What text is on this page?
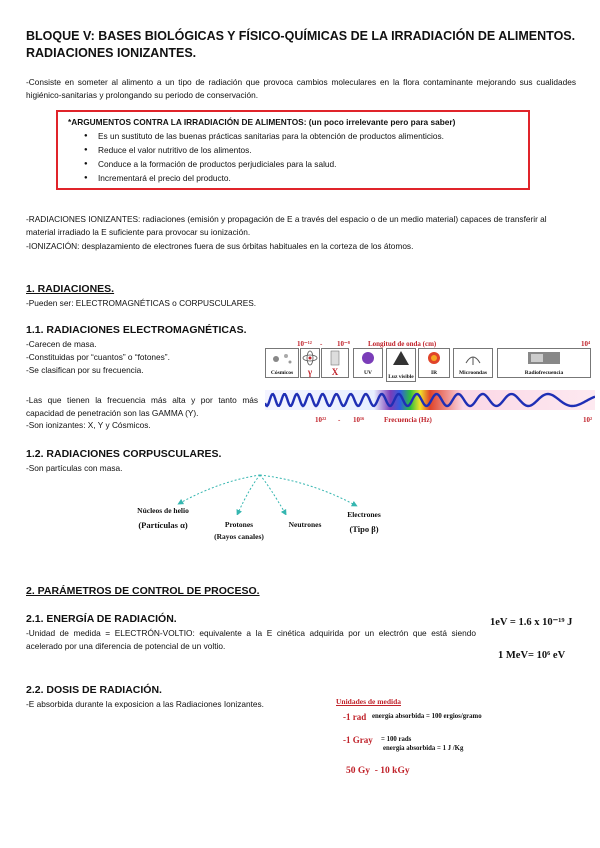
BLOQUE V: BASES BIOLÓGICAS Y FÍSICO-QUÍMICAS DE LA IRRADIACIÓN DE ALIMENTOS. RADIACIONES IONIZANTES.
-Consiste en someter al alimento a un tipo de radiación que provoca cambios moleculares en la flora contaminante mejorando sus cualidades higiénico-sanitarias y prolongando su periodo de conservación.
*ARGUMENTOS CONTRA LA IRRADIACIÓN DE ALIMENTOS: (un poco irrelevante pero para saber)
● Es un sustituto de las buenas prácticas sanitarias para la obtención de productos alimenticios.
● Reduce el valor nutritivo de los alimentos.
● Conduce a la formación de productos perjudiciales para la salud.
● Incrementará el precio del producto.
-RADIACIONES IONIZANTES: radiaciones (emisión y propagación de E a través del espacio o de un medio material) capaces de transferir al material irradiado la E suficiente para provocar su ionización.
-IONIZACIÓN: desplazamiento de electrones fuera de sus órbitas habituales en la corteza de los átomos.
1. RADIACIONES.
-Pueden ser: ELECTROMAGNÉTICAS o CORPUSCULARES.
1.1. RADIACIONES ELECTROMAGNÉTICAS.
-Carecen de masa.
-Constituidas por “cuantos” o “fotones”.
-Se clasifican por su frecuencia.
-Las que tienen la frecuencia más alta y por tanto más capacidad de penetración son las GAMMA (Y).
-Son ionizantes: X, Y y Cósmicos.
10⁻¹² - 10⁻⁸	Longitud de onda (cm)	10⁴
Cósmicos	γ	X	UV
Luz visible
IR	Microondas	Radiofrecuencia
10²² - 10¹⁶	Frecuencia (Hz)	10²
1.2. RADIACIONES CORPUSCULARES.
-Son partículas con masa.
Núcleos de helio
(Partículas α)	Protones
(Rayos canales)
Neutrones
Electrones
(Tipo β)
2. PARÁMETROS DE CONTROL DE PROCESO.
2.1. ENERGÍA DE RADIACIÓN.
-Unidad de medida = ELECTRÓN-VOLTIO: equivalente a la E cinética adquirida por un electrón que está siendo acelerado por una diferencia de potencial de un voltio.
1eV = 1.6 x 10⁻¹⁹ J
1 MeV= 10⁶ eV
2.2. DOSIS DE RADIACIÓN.
-E absorbida durante la exposicion a las Radiaciones Ionizantes.	Unidades de medida
-1 rad energía absorbida = 100 ergios/gramo
-1 Gray = 100 rads
energía absorbida = 1 J /Kg
50 Gy  - 10 kGy
